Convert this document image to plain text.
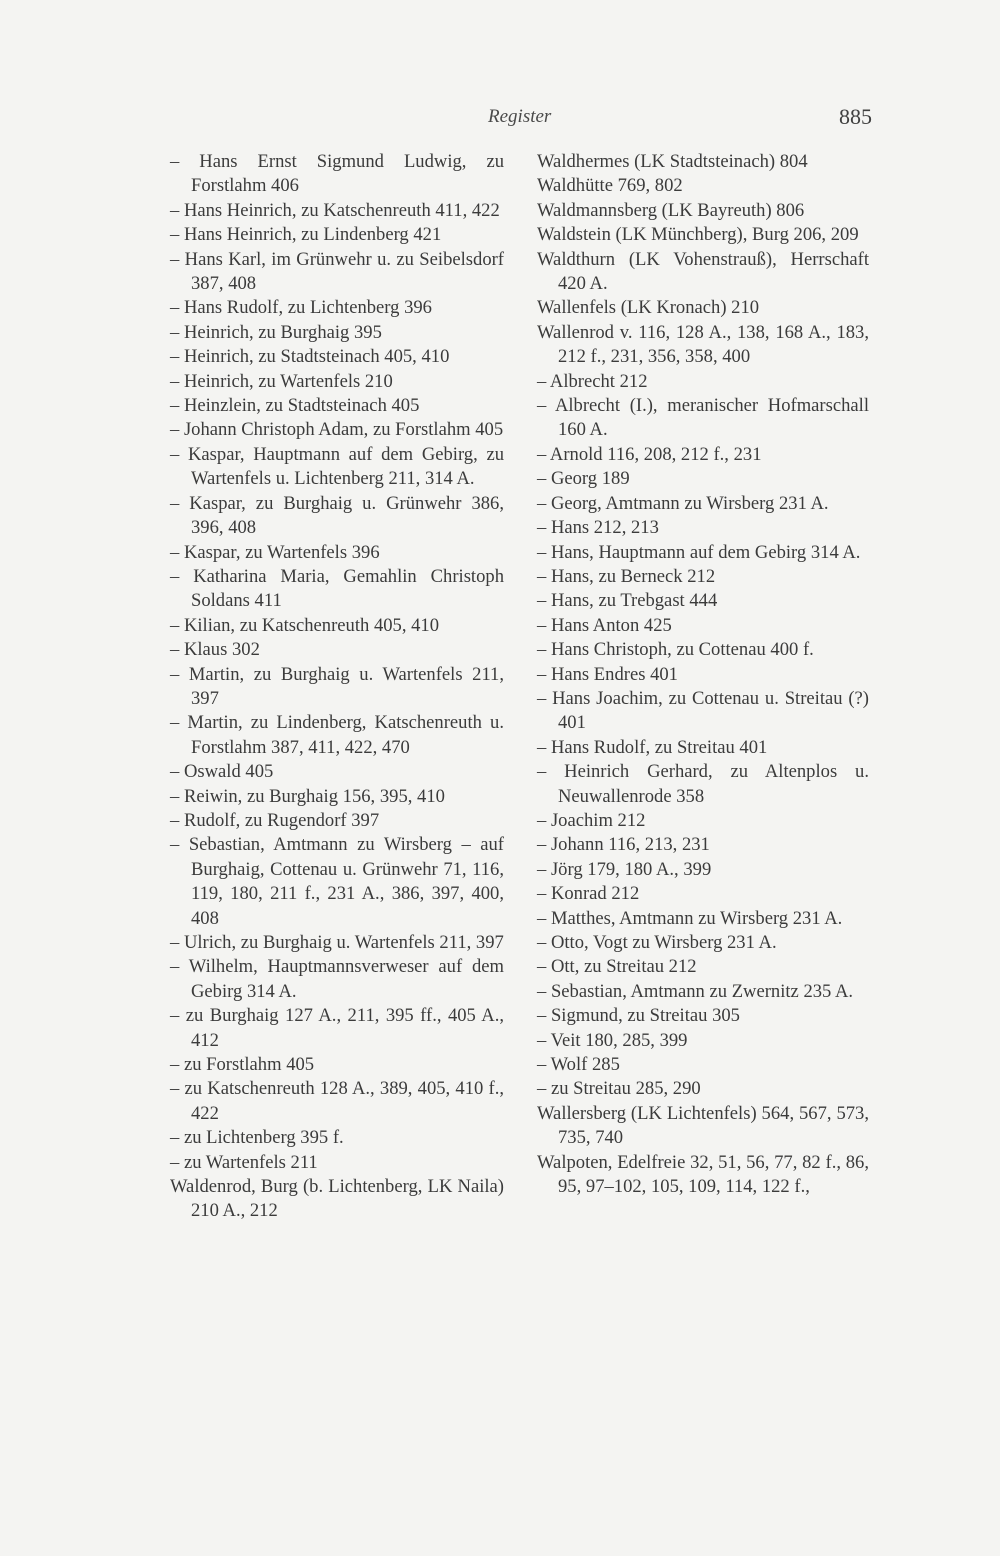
Register	885
– Hans Ernst Sigmund Ludwig, zu Forstlahm 406
– Hans Heinrich, zu Katschenreuth 411, 422
– Hans Heinrich, zu Lindenberg 421
– Hans Karl, im Grünwehr u. zu Seibelsdorf 387, 408
– Hans Rudolf, zu Lichtenberg 396
– Heinrich, zu Burghaig 395
– Heinrich, zu Stadtsteinach 405, 410
– Heinrich, zu Wartenfels 210
– Heinzlein, zu Stadtsteinach 405
– Johann Christoph Adam, zu Forstlahm 405
– Kaspar, Hauptmann auf dem Gebirg, zu Wartenfels u. Lichtenberg 211, 314 A.
– Kaspar, zu Burghaig u. Grünwehr 386, 396, 408
– Kaspar, zu Wartenfels 396
– Katharina Maria, Gemahlin Christoph Soldans 411
– Kilian, zu Katschenreuth 405, 410
– Klaus 302
– Martin, zu Burghaig u. Wartenfels 211, 397
– Martin, zu Lindenberg, Katschenreuth u. Forstlahm 387, 411, 422, 470
– Oswald 405
– Reiwin, zu Burghaig 156, 395, 410
– Rudolf, zu Rugendorf 397
– Sebastian, Amtmann zu Wirsberg – auf Burghaig, Cottenau u. Grünwehr 71, 116, 119, 180, 211 f., 231 A., 386, 397, 400, 408
– Ulrich, zu Burghaig u. Wartenfels 211, 397
– Wilhelm, Hauptmannsverweser auf dem Gebirg 314 A.
– zu Burghaig 127 A., 211, 395 ff., 405 A., 412
– zu Forstlahm 405
– zu Katschenreuth 128 A., 389, 405, 410 f., 422
– zu Lichtenberg 395 f.
– zu Wartenfels 211
Waldenrod, Burg (b. Lichtenberg, LK Naila) 210 A., 212
Waldhermes (LK Stadtsteinach) 804
Waldhütte 769, 802
Waldmannsberg (LK Bayreuth) 806
Waldstein (LK Münchberg), Burg 206, 209
Waldthurn (LK Vohenstrauß), Herrschaft 420 A.
Wallenfels (LK Kronach) 210
Wallenrod v. 116, 128 A., 138, 168 A., 183, 212 f., 231, 356, 358, 400
– Albrecht 212
– Albrecht (I.), meranischer Hofmarschall 160 A.
– Arnold 116, 208, 212 f., 231
– Georg 189
– Georg, Amtmann zu Wirsberg 231 A.
– Hans 212, 213
– Hans, Hauptmann auf dem Gebirg 314 A.
– Hans, zu Berneck 212
– Hans, zu Trebgast 444
– Hans Anton 425
– Hans Christoph, zu Cottenau 400 f.
– Hans Endres 401
– Hans Joachim, zu Cottenau u. Streitau (?) 401
– Hans Rudolf, zu Streitau 401
– Heinrich Gerhard, zu Altenplos u. Neuwallenrode 358
– Joachim 212
– Johann 116, 213, 231
– Jörg 179, 180 A., 399
– Konrad 212
– Matthes, Amtmann zu Wirsberg 231 A.
– Otto, Vogt zu Wirsberg 231 A.
– Ott, zu Streitau 212
– Sebastian, Amtmann zu Zwernitz 235 A.
– Sigmund, zu Streitau 305
– Veit 180, 285, 399
– Wolf 285
– zu Streitau 285, 290
Wallersberg (LK Lichtenfels) 564, 567, 573, 735, 740
Walpoten, Edelfreie 32, 51, 56, 77, 82 f., 86, 95, 97–102, 105, 109, 114, 122 f.,
